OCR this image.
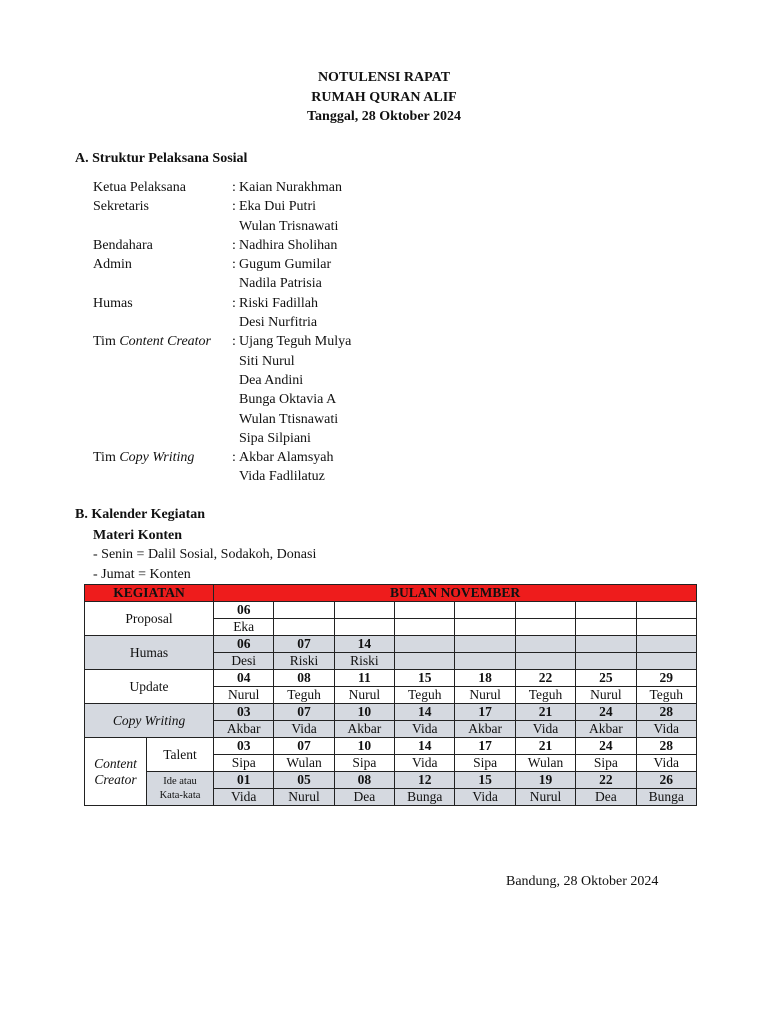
NOTULENSI RAPAT
RUMAH QURAN ALIF
Tanggal, 28 Oktober 2024
A. Struktur Pelaksana Sosial
Ketua Pelaksana	: Kaian Nurakhman
Sekretaris	: Eka Dui Putri
Wulan Trisnawati
Bendahara	: Nadhira Sholihan
Admin	: Gugum Gumilar
Nadila Patrisia
Humas	: Riski Fadillah
Desi Nurfitria
Tim Content Creator	: Ujang Teguh Mulya
Siti Nurul
Dea Andini
Bunga Oktavia A
Wulan Ttisnawati
Sipa Silpiani
Tim Copy Writing	: Akbar Alamsyah
Vida Fadlilatuz
B. Kalender Kegiatan
Materi Konten
- Senin = Dalil Sosial, Sodakoh, Donasi
- Jumat = Konten
KEGIATAN		BULAN NOVEMBER							
Proposal		06							
		Eka							
Humas		06	07	14					
		Desi	Riski	Riski					
Update		04	08	11	15	18	22	25	29
		Nurul	Teguh	Nurul	Teguh	Nurul	Teguh	Nurul	Teguh
Copy Writing		03	07	10	14	17	21	24	28
		Akbar	Vida	Akbar	Vida	Akbar	Vida	Akbar	Vida

Content
Creator	Talent	03	07	10	14	17	21	24	28
		Sipa	Wulan	Sipa	Vida	Sipa	Wulan	Sipa	Vida

	Ide atau
Kata-kata	01	05	08	12	15	19	22	26
		Vida	Nurul	Dea	Bunga	Vida	Nurul	Dea	Bunga
Bandung, 28 Oktober 2024
